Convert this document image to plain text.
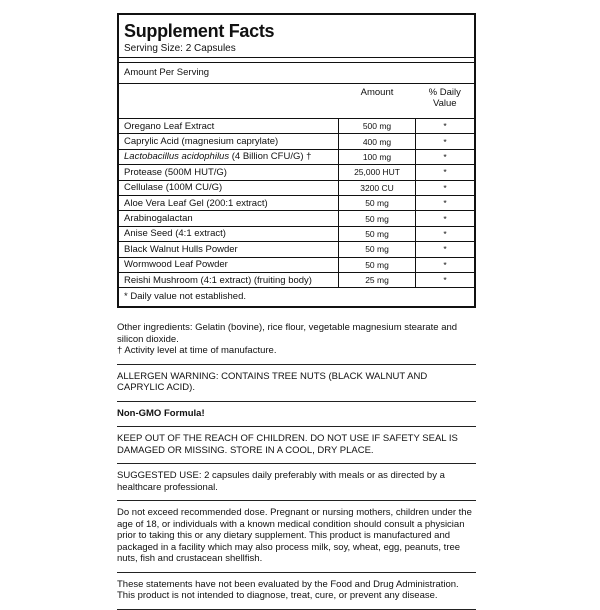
Supplement Facts
Serving Size: 2 Capsules
Amount Per Serving
	Amount	% Daily
Value
Oregano Leaf Extract	500 mg	*
Caprylic Acid (magnesium caprylate)	400 mg	*
Lactobacillus acidophilus (4 Billion CFU/G) †	100 mg	*
Protease (500M HUT/G)	25,000 HUT	*
Cellulase (100M CU/G)	3200 CU	*
Aloe Vera Leaf Gel (200:1 extract)	50 mg	*
Arabinogalactan	50 mg	*
Anise Seed (4:1 extract)	50 mg	*
Black Walnut Hulls Powder	50 mg	*
Wormwood Leaf Powder	50 mg	*
Reishi Mushroom (4:1 extract) (fruiting body)	25 mg	*
* Daily value not established.
Other ingredients: Gelatin (bovine), rice flour, vegetable magnesium stearate and silicon dioxide.
† Activity level at time of manufacture.
ALLERGEN WARNING: CONTAINS TREE NUTS (BLACK WALNUT AND CAPRYLIC ACID).
Non-GMO Formula!
KEEP OUT OF THE REACH OF CHILDREN. DO NOT USE IF SAFETY SEAL IS DAMAGED OR MISSING. STORE IN A COOL, DRY PLACE.
SUGGESTED USE: 2 capsules daily preferably with meals or as directed by a healthcare professional.
Do not exceed recommended dose. Pregnant or nursing mothers, children under the age of 18, or individuals with a known medical condition should consult a physician prior to taking this or any dietary supplement. This product is manufactured and packaged in a facility which may also process milk, soy, wheat, egg, peanuts, tree nuts, fish and crustacean shellfish.
These statements have not been evaluated by the Food and Drug Administration. This product is not intended to diagnose, treat, cure, or prevent any disease.
